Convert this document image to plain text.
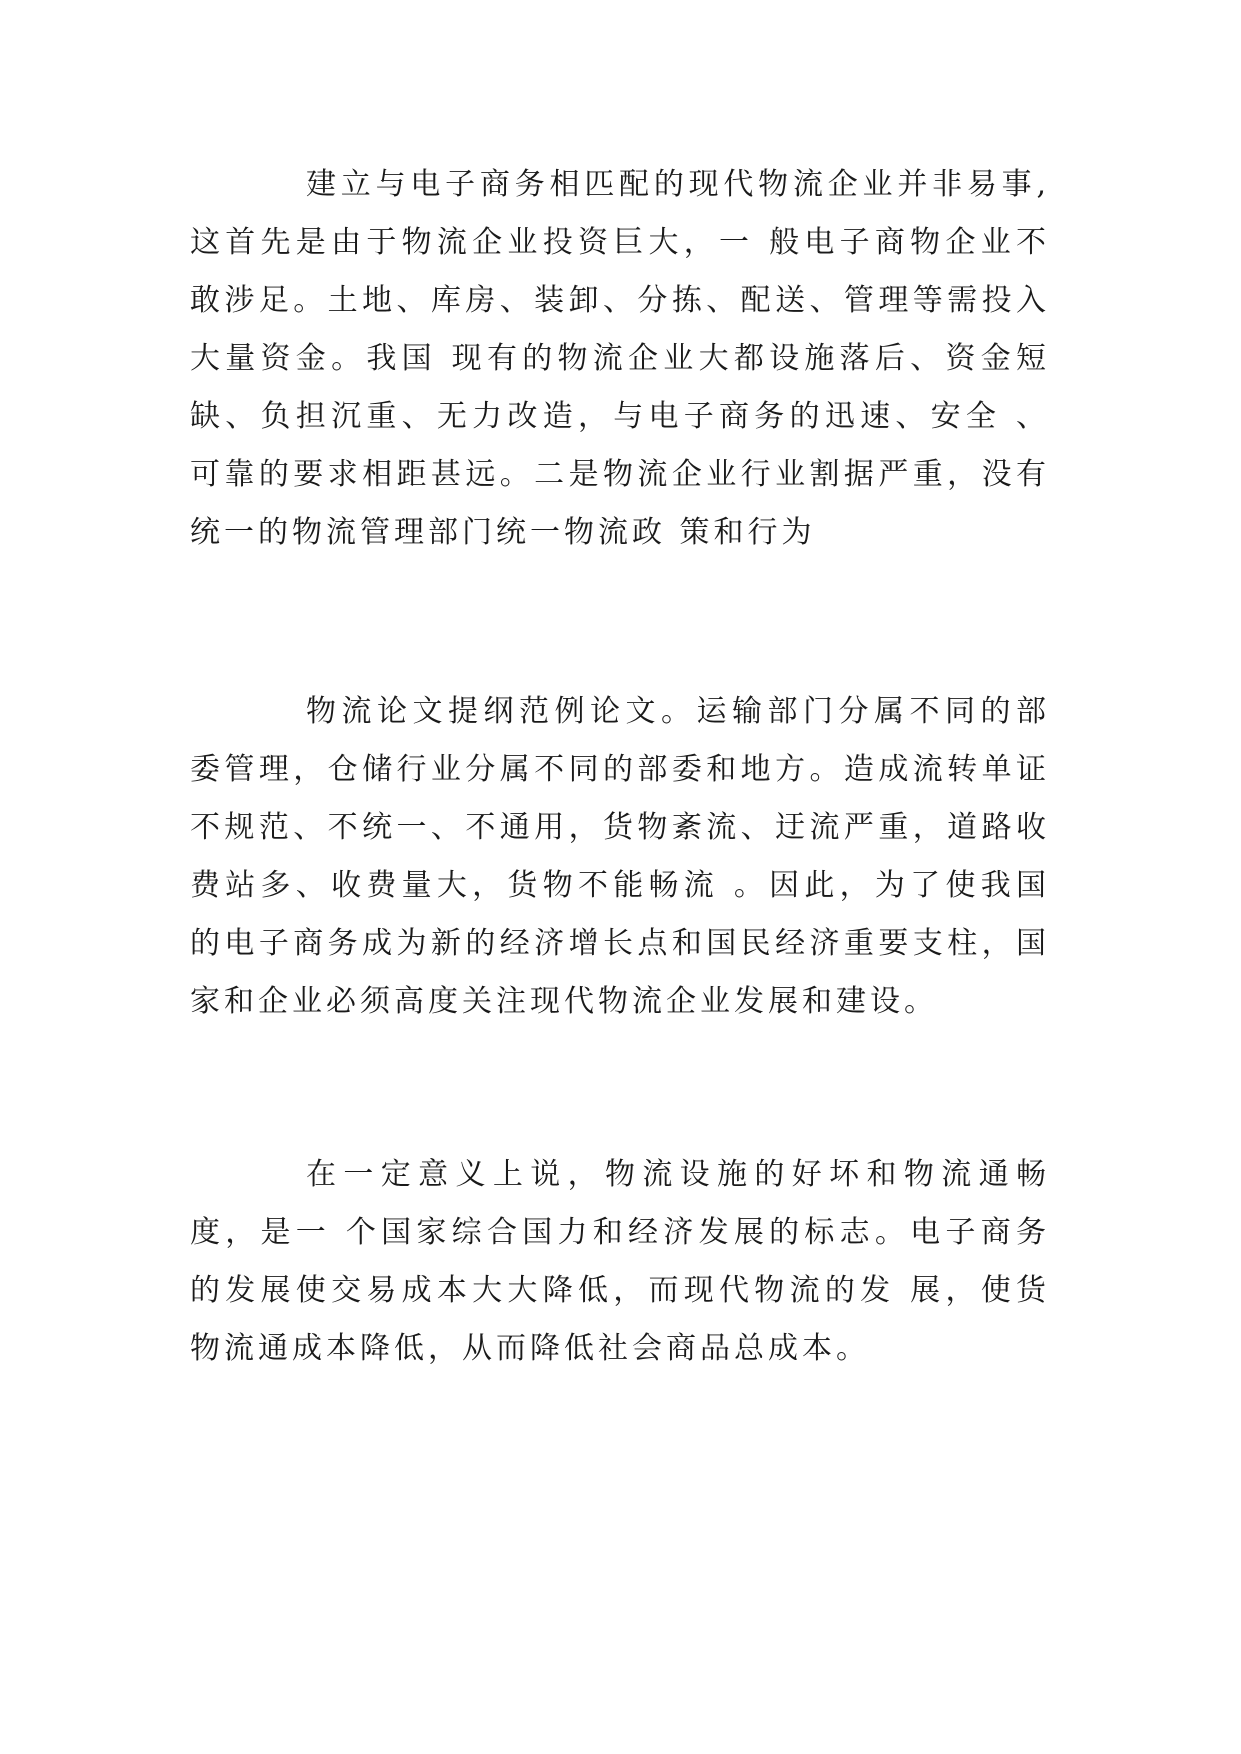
建立与电子商务相匹配的现代物流企业并非易事,这首先是由于物流企业投资巨大，一 般电子商物企业不敢涉足。土地、库房、装卸、分拣、配送、管理等需投入大量资金。我国 现有的物流企业大都设施落后、资金短缺、负担沉重、无力改造，与电子商务的迅速、安全 、可靠的要求相距甚远。二是物流企业行业割据严重，没有统一的物流管理部门统一物流政 策和行为

物流论文提纲范例论文。运输部门分属不同的部委管理，仓储行业分属不同的部委和地方。造成流转单证 不规范、不统一、不通用，货物紊流、迂流严重，道路收费站多、收费量大，货物不能畅流 。因此，为了使我国的电子商务成为新的经济增长点和国民经济重要支柱，国家和企业必须高度关注现代物流企业发展和建设。

在一定意义上说，物流设施的好坏和物流通畅度，是一 个国家综合国力和经济发展的标志。电子商务的发展使交易成本大大降低，而现代物流的发 展，使货物流通成本降低，从而降低社会商品总成本。
